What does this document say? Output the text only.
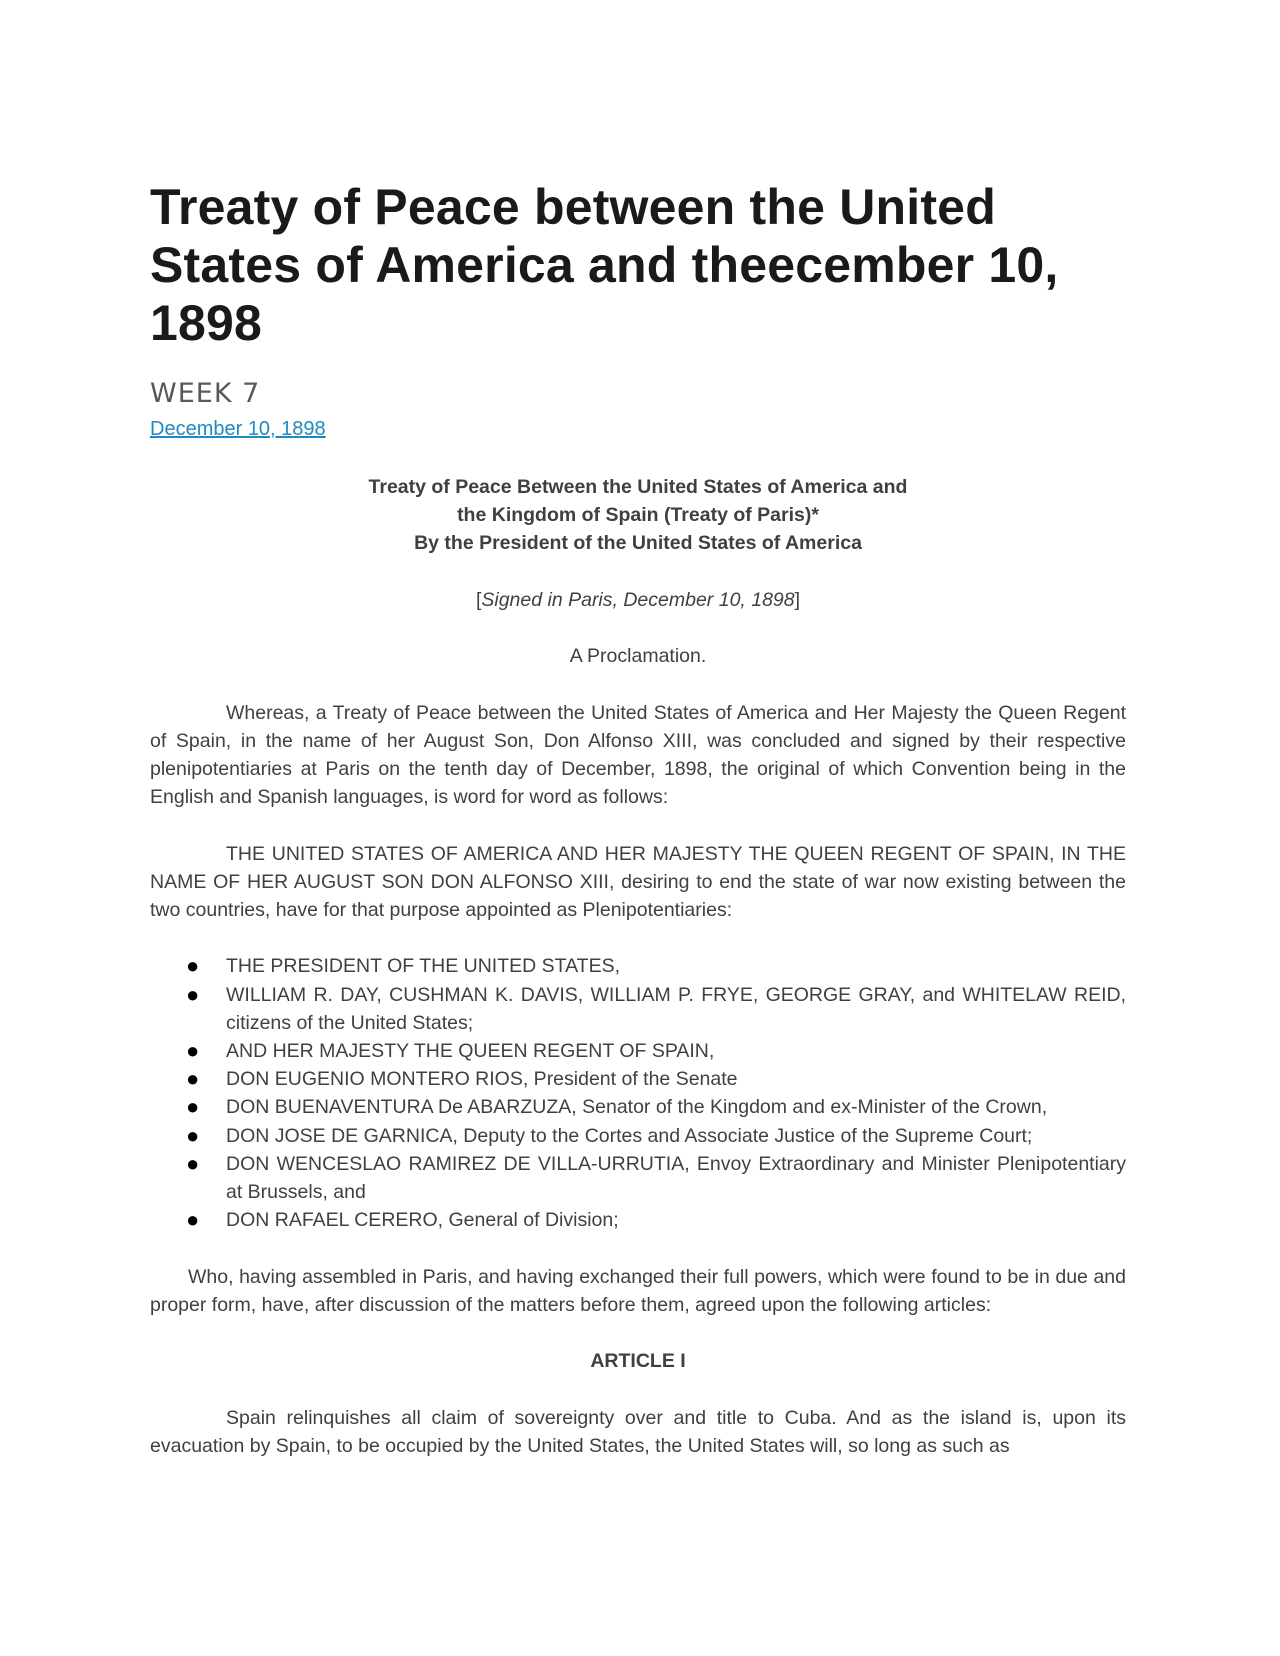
Treaty of Peace between the United States of America and theecember 10, 1898
WEEK 7
December 10, 1898
Treaty of Peace Between the United States of America and
the Kingdom of Spain (Treaty of Paris)*
By the President of the United States of America
[Signed in Paris, December 10, 1898]
A Proclamation.

Whereas, a Treaty of Peace between the United States of America and Her Majesty the Queen Regent of Spain, in the name of her August Son, Don Alfonso XIII, was concluded and signed by their respective plenipotentiaries at Paris on the tenth day of December, 1898, the original of which Convention being in the English and Spanish languages, is word for word as follows:

THE UNITED STATES OF AMERICA AND HER MAJESTY THE QUEEN REGENT OF SPAIN, IN THE NAME OF HER AUGUST SON DON ALFONSO XIII, desiring to end the state of war now existing between the two countries, have for that purpose appointed as Plenipotentiaries:

● THE PRESIDENT OF THE UNITED STATES,
● WILLIAM R. DAY, CUSHMAN K. DAVIS, WILLIAM P. FRYE, GEORGE GRAY, and WHITELAW REID, citizens of the United States;
● AND HER MAJESTY THE QUEEN REGENT OF SPAIN,
● DON EUGENIO MONTERO RIOS, President of the Senate
● DON BUENAVENTURA De ABARZUZA, Senator of the Kingdom and ex-Minister of the Crown,
● DON JOSE DE GARNICA, Deputy to the Cortes and Associate Justice of the Supreme Court;
● DON WENCESLAO RAMIREZ DE VILLA-URRUTIA, Envoy Extraordinary and Minister Plenipotentiary at Brussels, and
● DON RAFAEL CERERO, General of Division;

Who, having assembled in Paris, and having exchanged their full powers, which were found to be in due and proper form, have, after discussion of the matters before them, agreed upon the following articles:

ARTICLE I

Spain relinquishes all claim of sovereignty over and title to Cuba. And as the island is, upon its evacuation by Spain, to be occupied by the United States, the United States will, so long as such as
